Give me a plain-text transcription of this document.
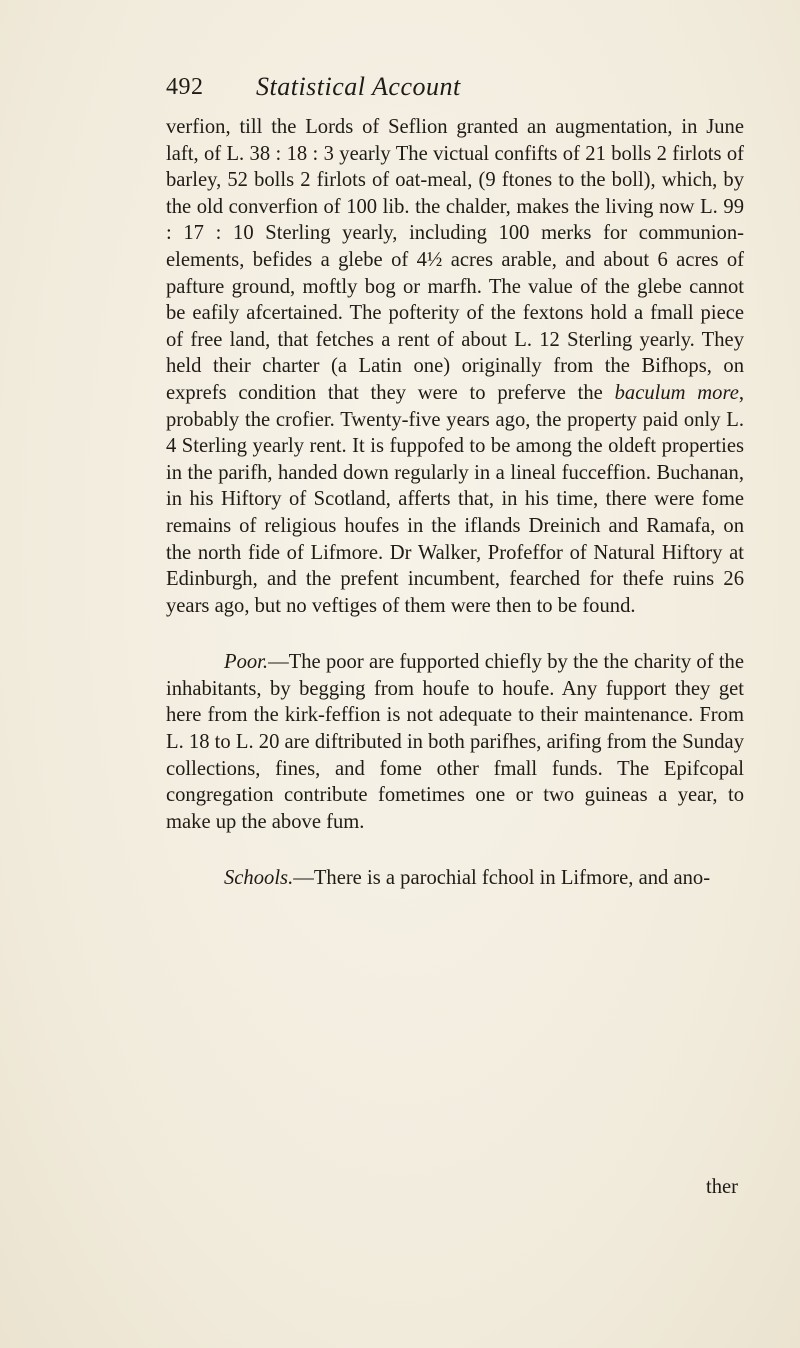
492 Statistical Account

verfion, till the Lords of Seflion granted an augmentation, in June laft, of L. 38 : 18 : 3 yearly The victual confifts of 21 bolls 2 firlots of barley, 52 bolls 2 firlots of oat-meal, (9 ftones to the boll), which, by the old converfion of 100 lib. the chalder, makes the living now L. 99 : 17 : 10 Sterling yearly, including 100 merks for communion-elements, befides a glebe of 4½ acres arable, and about 6 acres of pafture ground, moftly bog or marfh. The value of the glebe cannot be eafily afcertained. The pofterity of the fextons hold a fmall piece of free land, that fetches a rent of about L. 12 Sterling yearly. They held their charter (a Latin one) originally from the Bifhops, on exprefs condition that they were to preferve the baculum more, probably the crofier. Twenty-five years ago, the property paid only L. 4 Sterling yearly rent. It is fuppofed to be among the oldeft properties in the parifh, handed down regularly in a lineal fucceffion. Buchanan, in his Hiftory of Scotland, afferts that, in his time, there were fome remains of religious houfes in the iflands Dreinich and Ramafa, on the north fide of Lifmore. Dr Walker, Profeffor of Natural Hiftory at Edinburgh, and the prefent incumbent, fearched for thefe ruins 26 years ago, but no veftiges of them were then to be found.

Poor.—The poor are fupported chiefly by the the charity of the inhabitants, by begging from houfe to houfe. Any fupport they get here from the kirk-feffion is not adequate to their maintenance. From L. 18 to L. 20 are diftributed in both parifhes, arifing from the Sunday collections, fines, and fome other fmall funds. The Epifcopal congregation contribute fometimes one or two guineas a year, to make up the above fum.

Schools.—There is a parochial fchool in Lifmore, and ano-

ther
